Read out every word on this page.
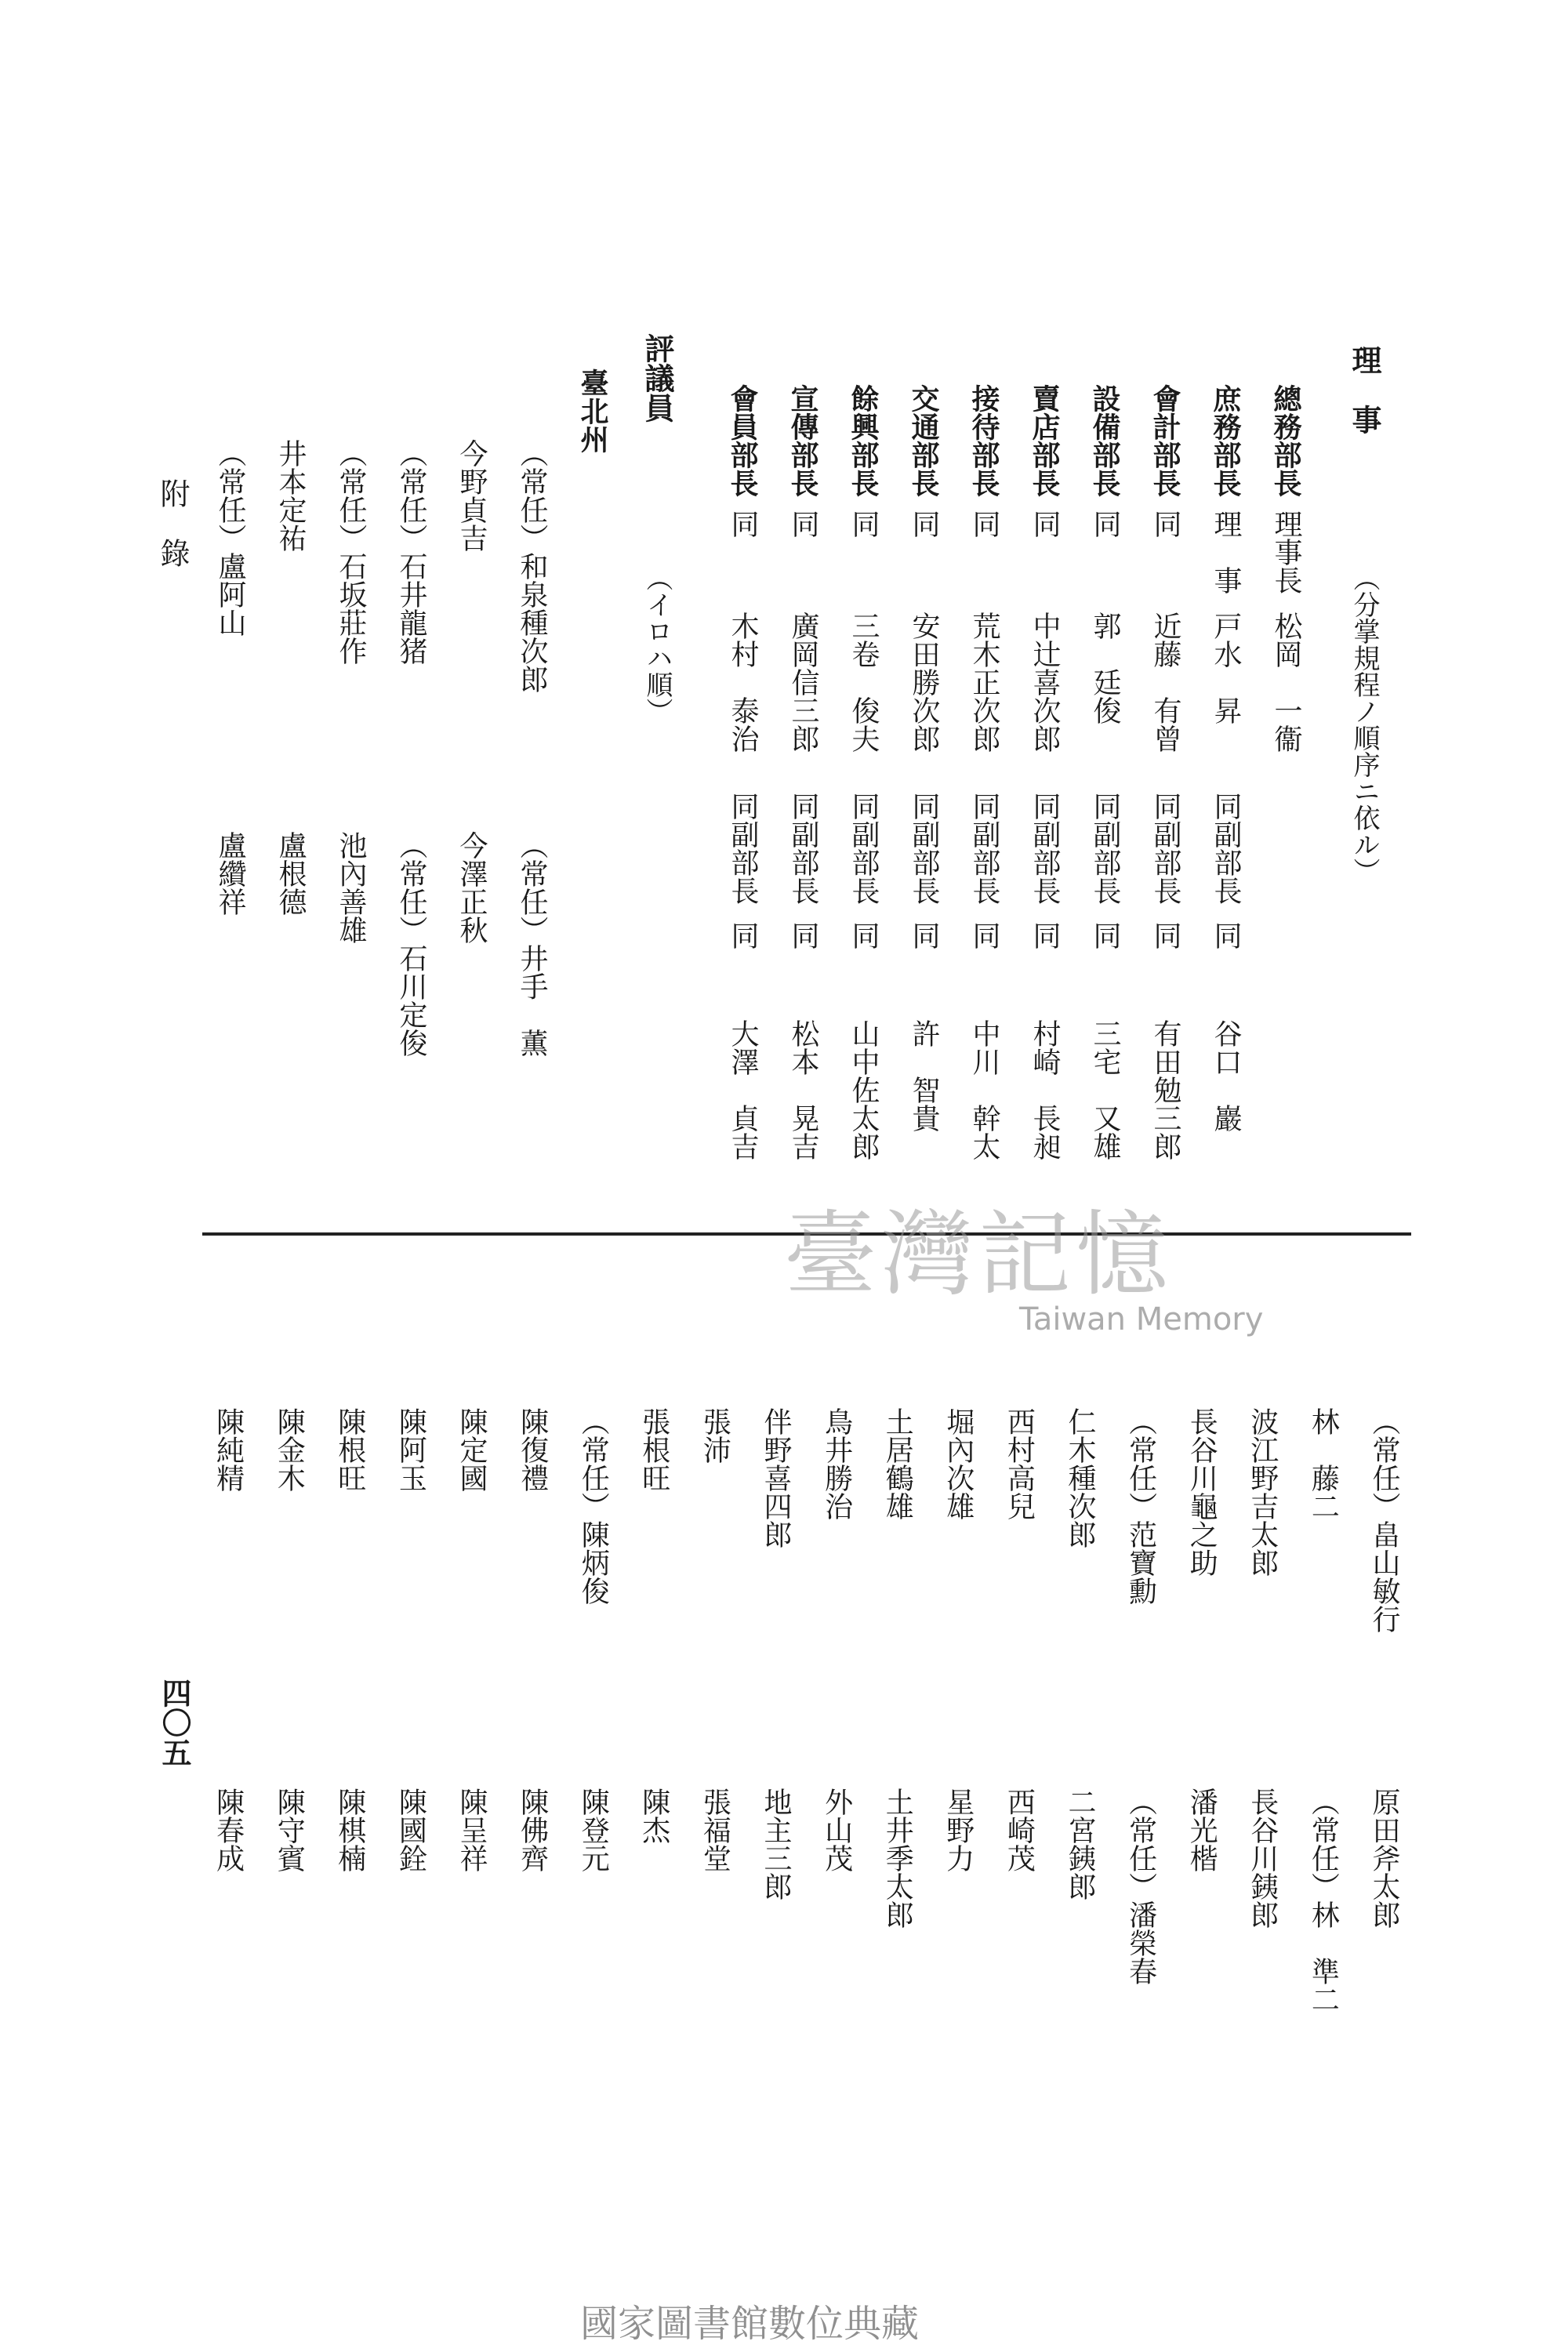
理　事
（分掌規程ノ順序ニ依ル）
總務部長
理事長
松岡　一衞
庶務部長
理　事
戸水　昇
同副部長
同
谷口　巖
會計部長
同
近藤　有曾
同副部長
同
有田勉三郎
設備部長
同
郭　廷俊
同副部長
同
三宅　又雄
賣店部長
同
中辻喜次郎
同副部長
同
村崎　長昶
接待部長
同
荒木正次郎
同副部長
同
中川　幹太
交通部長
同
安田勝次郎
同副部長
同
許　智貴
餘興部長
同
三卷　俊夫
同副部長
同
山中佐太郎
宣傳部長
同
廣岡信三郎
同副部長
同
松本　晃吉
會員部長
同
木村　泰治
同副部長
同
大澤　貞吉
評議員
（イロハ順）
臺北州
（常任）和泉種次郎
（常任）井手　薫
今野貞吉
今澤正秋
（常任）石井龍猪
（常任）石川定俊
（常任）石坂莊作
池內善雄
井本定祐
盧根德
（常任）盧阿山
盧纘祥
臺灣記憶
Taiwan Memory
（常任）畠山敏行
原田斧太郎
林　藤二
（常任）林　準二
波江野吉太郎
長谷川銕郎
長谷川龜之助
潘光楷
（常任）范寶勳
（常任）潘榮春
仁木種次郎
二宮銕郎
西村高兒
西崎茂
堀內次雄
星野力
土居鶴雄
土井季太郎
鳥井勝治
外山茂
伴野喜四郎
地主三郎
張沛
張福堂
張根旺
陳杰
（常任）陳炳俊
陳登元
陳復禮
陳佛齊
陳定國
陳呈祥
陳阿玉
陳國銓
陳根旺
陳棋楠
陳金木
陳守賓
陳純精
陳春成
附　錄
四〇五
國家圖書館數位典藏
